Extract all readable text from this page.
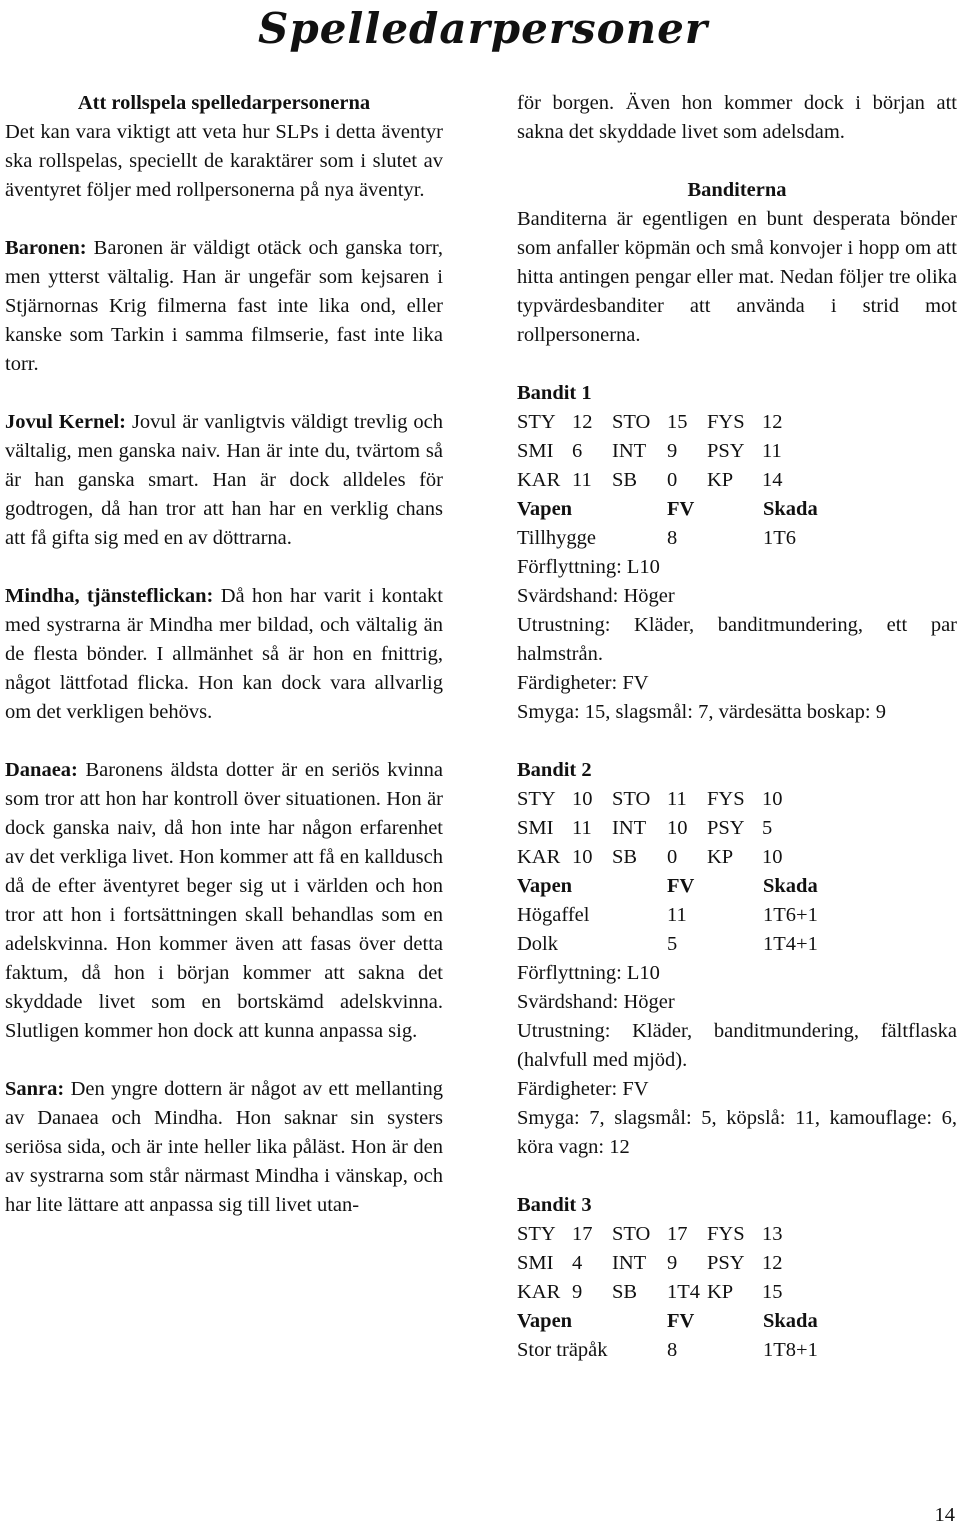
Spelledarpersoner

Att rollspela spelledarpersonerna

Det kan vara viktigt att veta hur SLPs i detta äventyr ska rollspelas, speciellt de karaktärer som i slutet av äventyret följer med rollpersonerna på nya äventyr.

Baronen: Baronen är väldigt otäck och ganska torr, men ytterst vältalig. Han är ungefär som kejsaren i Stjärnornas Krig filmerna fast inte lika ond, eller kanske som Tarkin i samma filmserie, fast inte lika torr.

Jovul Kernel: Jovul är vanligtvis väldigt trevlig och vältalig, men ganska naiv. Han är inte du, tvärtom så är han ganska smart. Han är dock alldeles för godtrogen, då han tror att han har en verklig chans att få gifta sig med en av döttrarna.

Mindha, tjänsteflickan: Då hon har varit i kontakt med systrarna är Mindha mer bildad, och vältalig än de flesta bönder. I allmänhet så är hon en fnittrig, något lättfotad flicka. Hon kan dock vara allvarlig om det verkligen behövs.

Danaea: Baronens äldsta dotter är en seriös kvinna som tror att hon har kontroll över situationen. Hon är dock ganska naiv, då hon inte har någon erfarenhet av det verkliga livet. Hon kommer att få en kalldusch då de efter äventyret beger sig ut i världen och hon tror att hon i fortsättningen skall behandlas som en adelskvinna. Hon kommer även att fasas över detta faktum, då hon i början kommer att sakna det skyddade livet som en bortskämd adelskvinna. Slutligen kommer hon dock att kunna anpassa sig.

Sanra: Den yngre dottern är något av ett mellanting av Danaea och Mindha. Hon saknar sin systers seriösa sida, och är inte heller lika påläst. Hon är den av systrarna som står närmast Mindha i vänskap, och har lite lättare att anpassa sig till livet utan-

för borgen. Även hon kommer dock i början att sakna det skyddade livet som adelsdam.

Banditerna

Banditerna är egentligen en bunt desperata bönder som anfaller köpmän och små konvojer i hopp om att hitta antingen pengar eller mat. Nedan följer tre olika typvärdesbanditer att använda i strid mot rollpersonerna.

Bandit 1

STY 12 STO 15 FYS 12
SMI 6	INT	9	PSY 11
KAR 11 SB	0	KP	14
Vapen	FV	Skada
Tillhygge	8	1T6

Förflyttning: L10

Svärdshand: Höger

Utrustning: Kläder, banditmundering, ett par halmstrån.

Färdigheter: FV

Smyga: 15, slagsmål: 7, värdesätta boskap: 9

Bandit 2

STY 10 STO 11 FYS 10
SMI 11 INT	10 PSY 5
KAR 10 SB	0	KP	10
Vapen	FV	Skada
Högaffel	11	1T6+1
Dolk	5	1T4+1

Förflyttning: L10

Svärdshand: Höger

Utrustning: Kläder, banditmundering, fältflaska (halvfull med mjöd).

Färdigheter: FV

Smyga: 7, slagsmål: 5, köpslå: 11, kamouflage: 6, köra vagn: 12

Bandit 3

STY 17 STO 17 FYS 13
SMI 4	INT	9	PSY 12
KAR 9	SB	1T4 KP	15
Vapen	FV	Skada
Stor träpåk	8	1T8+1
14
